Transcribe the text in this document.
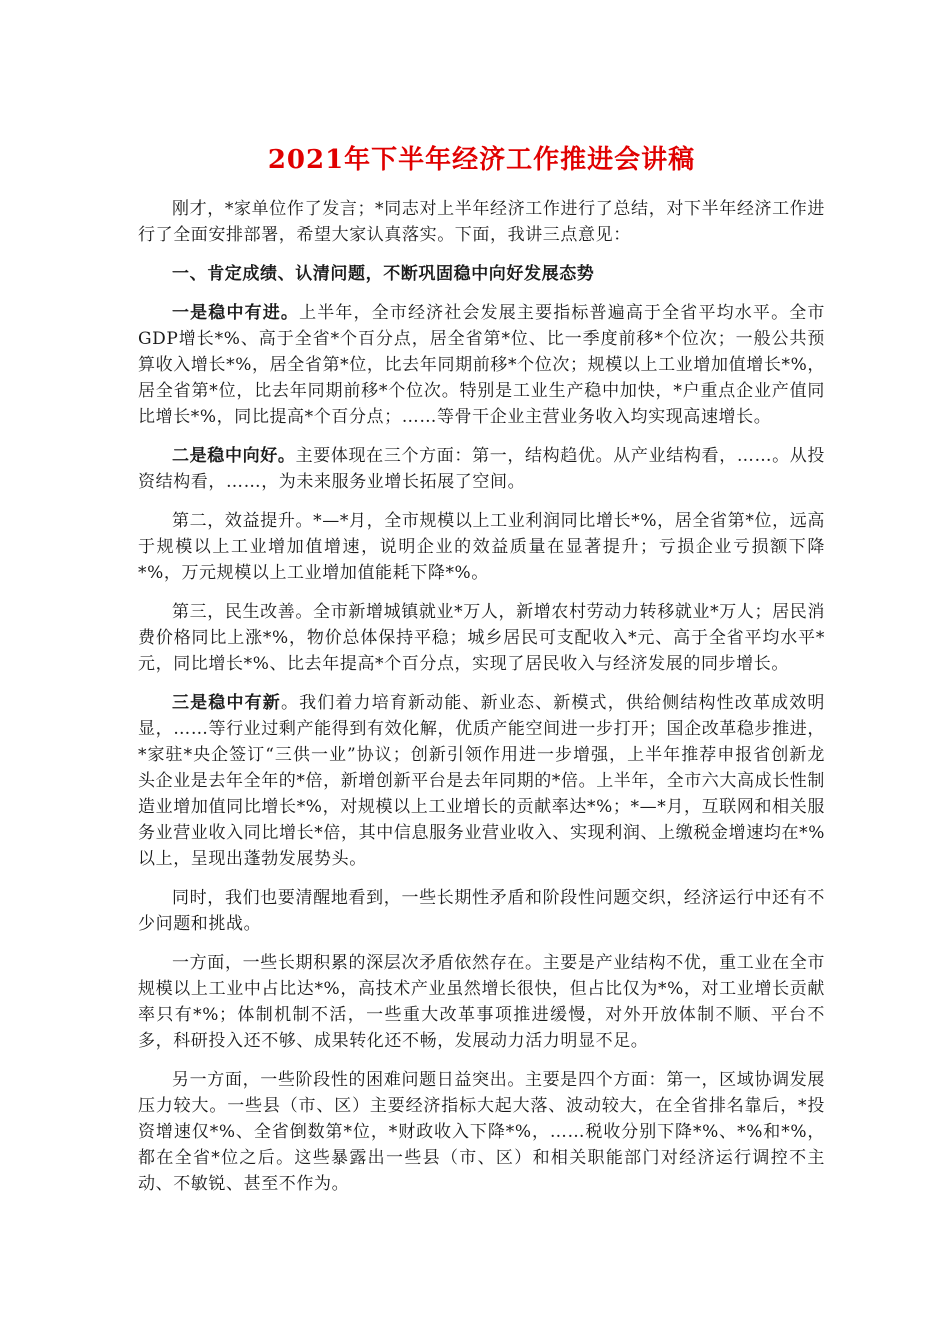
2021年下半年经济工作推进会讲稿

刚才，*家单位作了发言；*同志对上半年经济工作进行了总结，对下半年经济工作进行了全面安排部署，希望大家认真落实。下面，我讲三点意见：

一、肯定成绩、认清问题，不断巩固稳中向好发展态势

一是稳中有进。上半年，全市经济社会发展主要指标普遍高于全省平均水平。全市GDP增长*%、高于全省*个百分点，居全省第*位、比一季度前移*个位次；一般公共预算收入增长*%，居全省第*位，比去年同期前移*个位次；规模以上工业增加值增长*%，居全省第*位，比去年同期前移*个位次。特别是工业生产稳中加快，*户重点企业产值同比增长*%，同比提高*个百分点；……等骨干企业主营业务收入均实现高速增长。

二是稳中向好。主要体现在三个方面：第一，结构趋优。从产业结构看，……。从投资结构看，……，为未来服务业增长拓展了空间。

第二，效益提升。*—*月，全市规模以上工业利润同比增长*%，居全省第*位，远高于规模以上工业增加值增速，说明企业的效益质量在显著提升；亏损企业亏损额下降*%，万元规模以上工业增加值能耗下降*%。

第三，民生改善。全市新增城镇就业*万人，新增农村劳动力转移就业*万人；居民消费价格同比上涨*%，物价总体保持平稳；城乡居民可支配收入*元、高于全省平均水平*元，同比增长*%、比去年提高*个百分点，实现了居民收入与经济发展的同步增长。

三是稳中有新。我们着力培育新动能、新业态、新模式，供给侧结构性改革成效明显，……等行业过剩产能得到有效化解，优质产能空间进一步打开；国企改革稳步推进，*家驻*央企签订“三供一业”协议；创新引领作用进一步增强，上半年推荐申报省创新龙头企业是去年全年的*倍，新增创新平台是去年同期的*倍。上半年，全市六大高成长性制造业增加值同比增长*%，对规模以上工业增长的贡献率达*%；*—*月，互联网和相关服务业营业收入同比增长*倍，其中信息服务业营业收入、实现利润、上缴税金增速均在*%以上，呈现出蓬勃发展势头。

同时，我们也要清醒地看到，一些长期性矛盾和阶段性问题交织，经济运行中还有不少问题和挑战。

一方面，一些长期积累的深层次矛盾依然存在。主要是产业结构不优，重工业在全市规模以上工业中占比达*%，高技术产业虽然增长很快，但占比仅为*%，对工业增长贡献率只有*%；体制机制不活，一些重大改革事项推进缓慢，对外开放体制不顺、平台不多，科研投入还不够、成果转化还不畅，发展动力活力明显不足。

另一方面，一些阶段性的困难问题日益突出。主要是四个方面：第一，区域协调发展压力较大。一些县（市、区）主要经济指标大起大落、波动较大，在全省排名靠后，*投资增速仅*%、全省倒数第*位，*财政收入下降*%，……税收分别下降*%、*%和*%，都在全省*位之后。这些暴露出一些县（市、区）和相关职能部门对经济运行调控不主动、不敏锐、甚至不作为。
